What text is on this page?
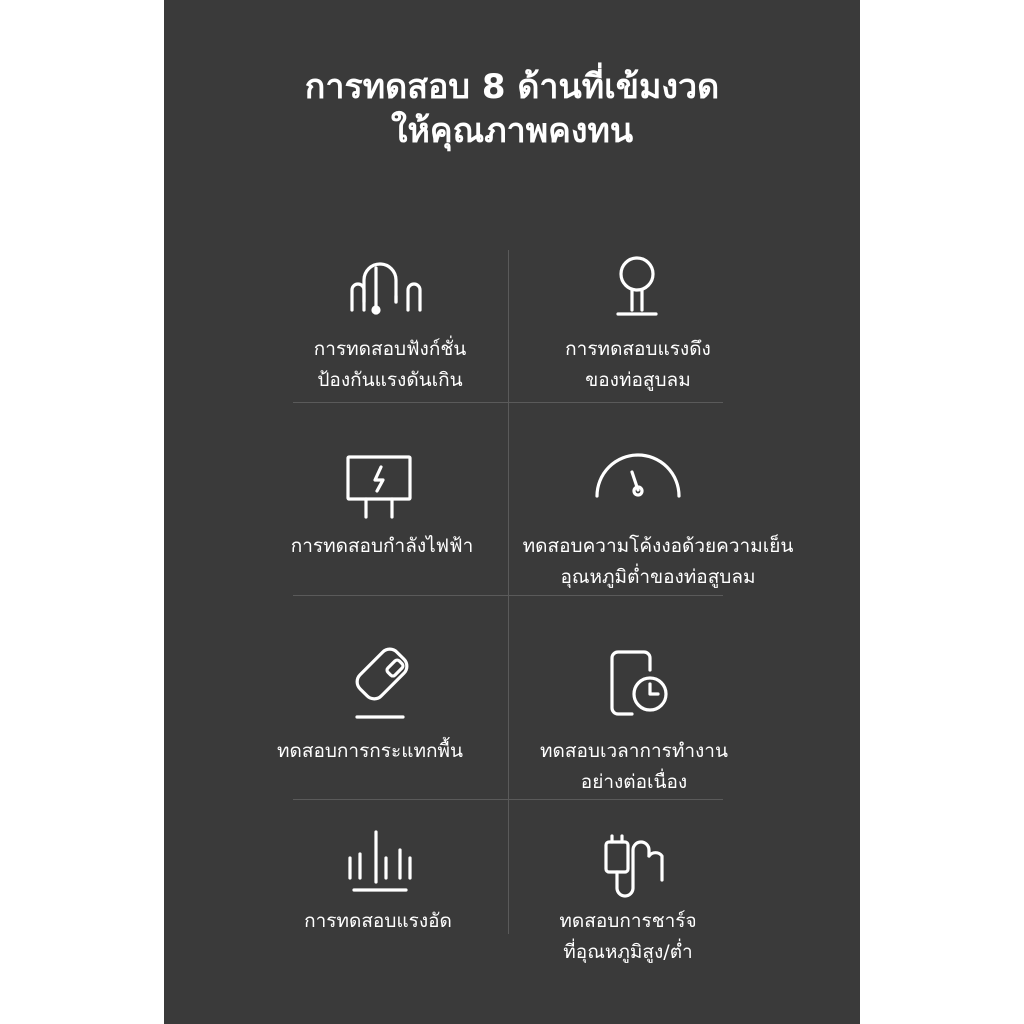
การทดสอบ 8 ด้านที่เข้มงวด
ให้คุณภาพคงทน
การทดสอบฟังก์ชั่น
ป้องกันแรงดันเกิน
การทดสอบแรงดึง
ของท่อสูบลม
การทดสอบกำลังไฟฟ้า	ทดสอบความโค้งงอด้วยความเย็น
อุณหภูมิต่ำของท่อสูบลม
ทดสอบการกระแทกพื้น	ทดสอบเวลาการทำงาน
อย่างต่อเนื่อง
การทดสอบแรงอัด	ทดสอบการชาร์จ
ที่อุณหภูมิสูง/ต่ำ
